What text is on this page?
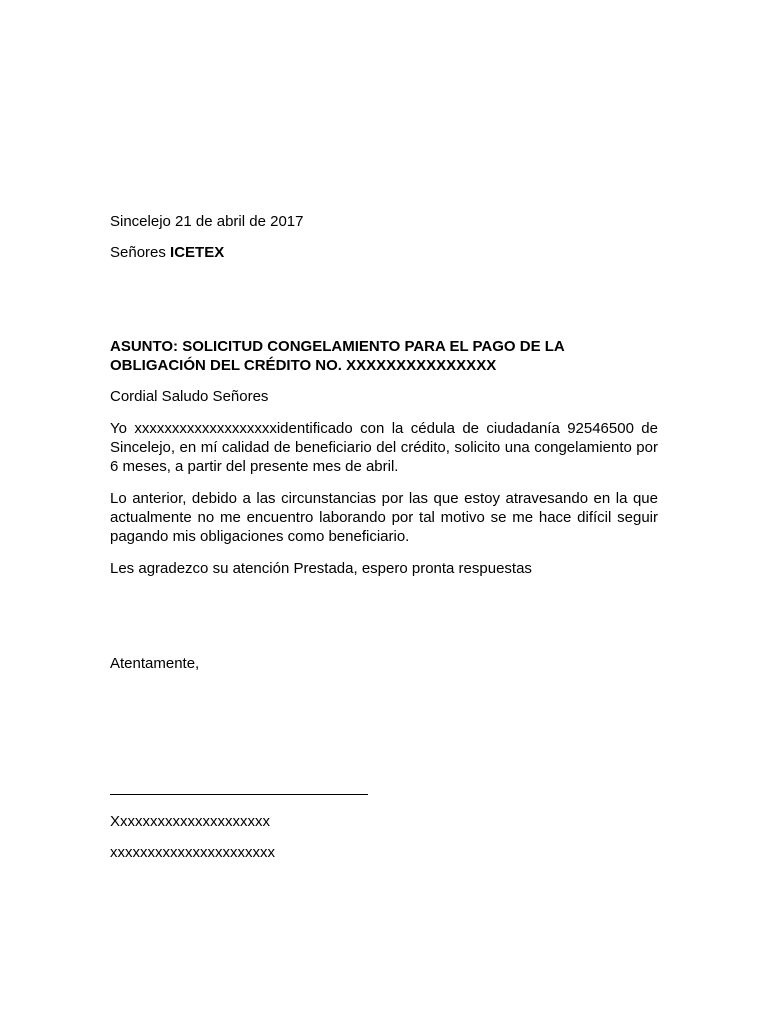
Sincelejo 21 de abril de 2017

Señores ICETEX

ASUNTO: SOLICITUD CONGELAMIENTO PARA EL PAGO DE LA

OBLIGACIÓN DEL CRÉDITO NO. XXXXXXXXXXXXXXX

Cordial Saludo Señores

Yo xxxxxxxxxxxxxxxxxxxidentificado con la cédula de ciudadanía 92546500 de Sincelejo, en mí calidad de beneficiario del crédito, solicito una congelamiento por 6 meses, a partir del presente mes de abril.

Lo anterior, debido a las circunstancias por las que estoy atravesando en la que actualmente no me encuentro laborando por tal motivo se me hace difícil seguir pagando mis obligaciones como beneficiario.

Les agradezco su atención Prestada, espero pronta respuestas

Atentamente,

Xxxxxxxxxxxxxxxxxxxxx

xxxxxxxxxxxxxxxxxxxxxx
